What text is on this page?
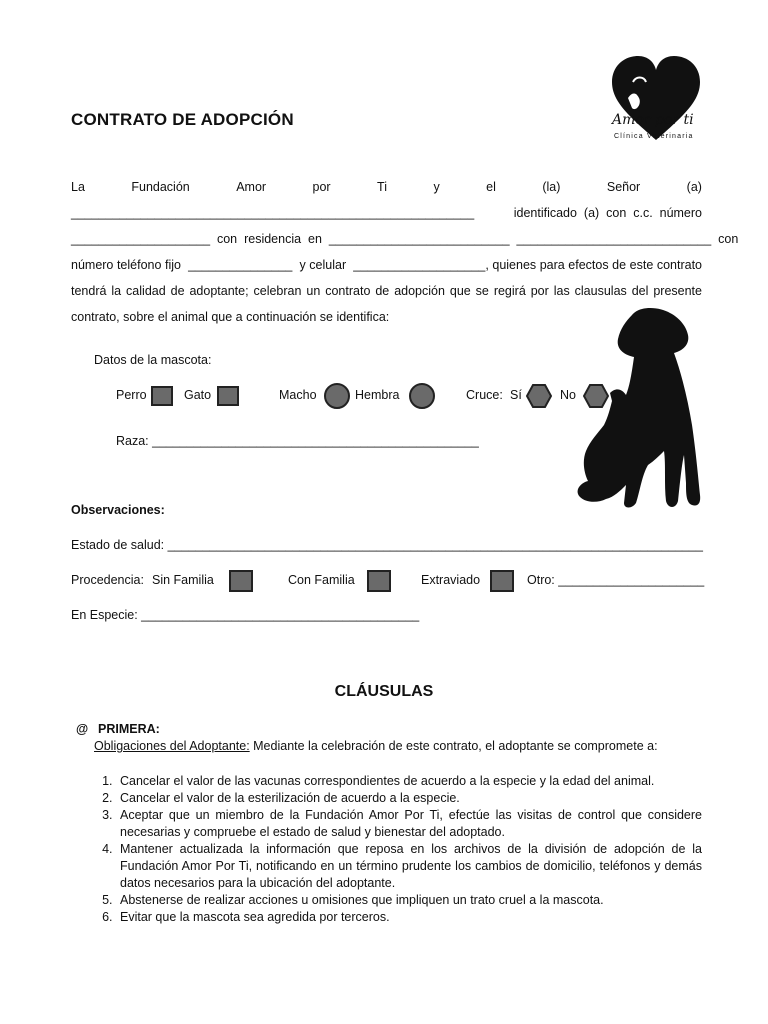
Amor por ti
Clínica Veterinaria
CONTRATO DE ADOPCIÓN
La	Fundación	Amor	por	Ti	y	el	(la)	Señor	(a)
__________________________________________________________	identificado  (a)  con  c.c.  número
____________________  con  residencia  en  __________________________  ____________________________  con
número teléfono fijo  _______________  y celular  ___________________, quienes para efectos de este contrato
tendrá la calidad de adoptante; celebran un contrato de adopción que se regirá por las clausulas del presente
contrato, sobre el animal que a continuación se identifica:
Datos de la mascota:
Perro	Gato	Macho	Hembra	Cruce: Sí	No
Raza: _______________________________________________
Observaciones:
Estado de salud: _____________________________________________________________________________
Procedencia: Sin Familia	Con Familia	Extraviado	Otro: _____________________
En Especie: ________________________________________
CLÁUSULAS
@ PRIMERA:
Obligaciones del Adoptante: Mediante la celebración de este contrato, el adoptante se compromete a:
1. Cancelar el valor de las vacunas correspondientes de acuerdo a la especie y la edad del animal.
2. Cancelar el valor de la esterilización de acuerdo a la especie.
3. Aceptar que un miembro de la Fundación Amor Por Ti, efectúe las visitas de control que considere necesarias y compruebe el estado de salud y bienestar del adoptado.
4. Mantener actualizada la información que reposa en los archivos de la división de adopción de la Fundación Amor Por Ti, notificando en un término prudente los cambios de domicilio, teléfonos y demás datos necesarios para la ubicación del adoptante.
5. Abstenerse de realizar acciones u omisiones que impliquen un trato cruel a la mascota.
6. Evitar que la mascota sea agredida por terceros.
